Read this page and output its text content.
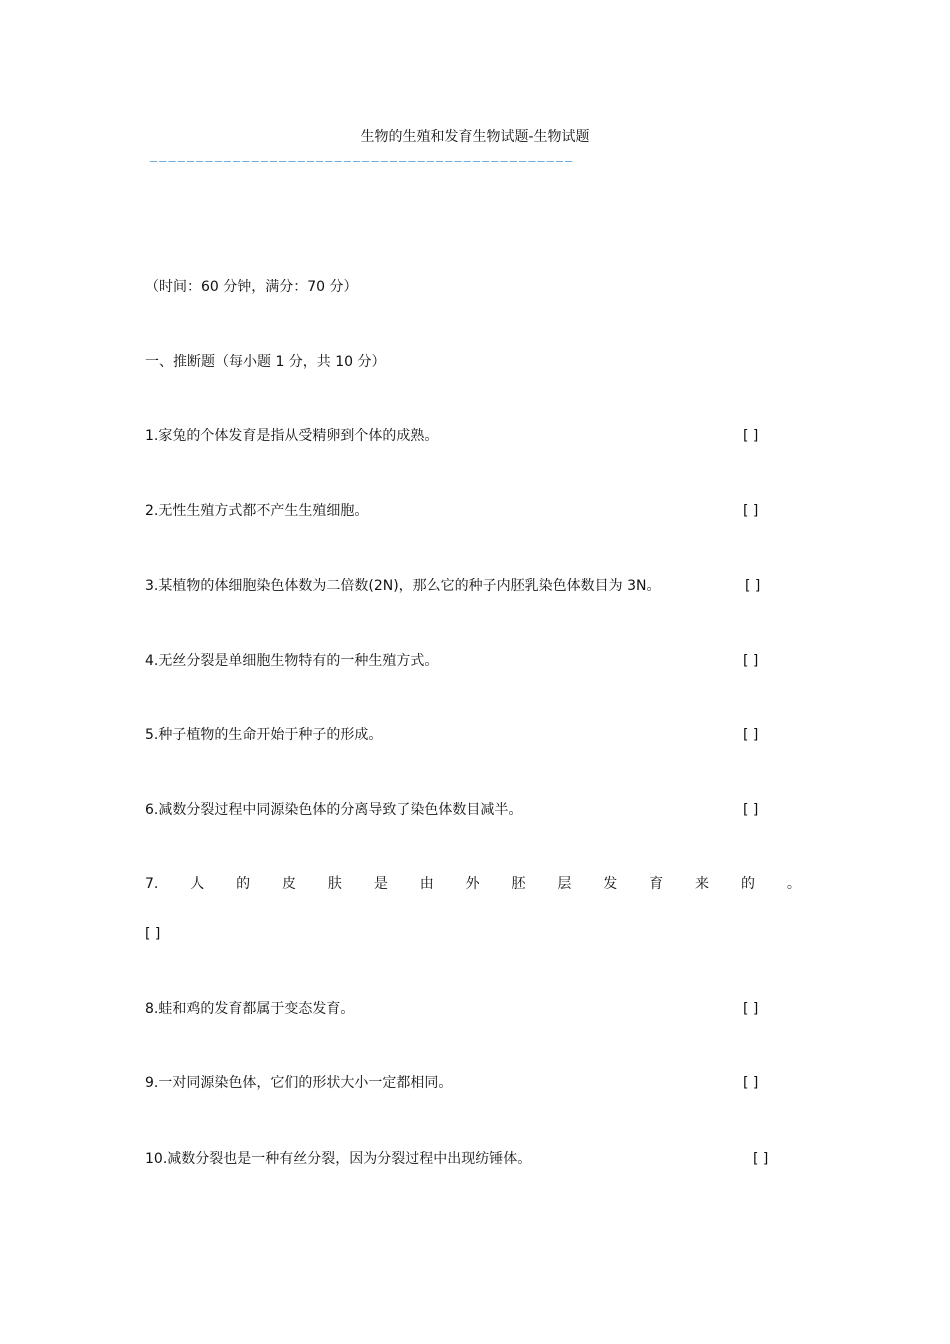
生物的生殖和发育生物试题-生物试题
——————————————————————————————————————————————
（时间：60 分钟，满分：70 分）
一、推断题（每小题 1 分，共 10 分）
1.家兔的个体发育是指从受精卵到个体的成熟。	[ ]
2.无性生殖方式都不产生生殖细胞。	[ ]
3.某植物的体细胞染色体数为二倍数(2N)，那么它的种子内胚乳染色体数目为 3N。	[ ]
4.无丝分裂是单细胞生物特有的一种生殖方式。	[ ]
5.种子植物的生命开始于种子的形成。	[ ]
6.减数分裂过程中同源染色体的分离导致了染色体数目减半。	[ ]
7. 人 的 皮 肤 是 由 外 胚 层 发 育 来 的 。
[ ]
8.蛙和鸡的发育都属于变态发育。	[ ]
9.一对同源染色体，它们的形状大小一定都相同。	[ ]
10.减数分裂也是一种有丝分裂，因为分裂过程中出现纺锤体。	[ ]
